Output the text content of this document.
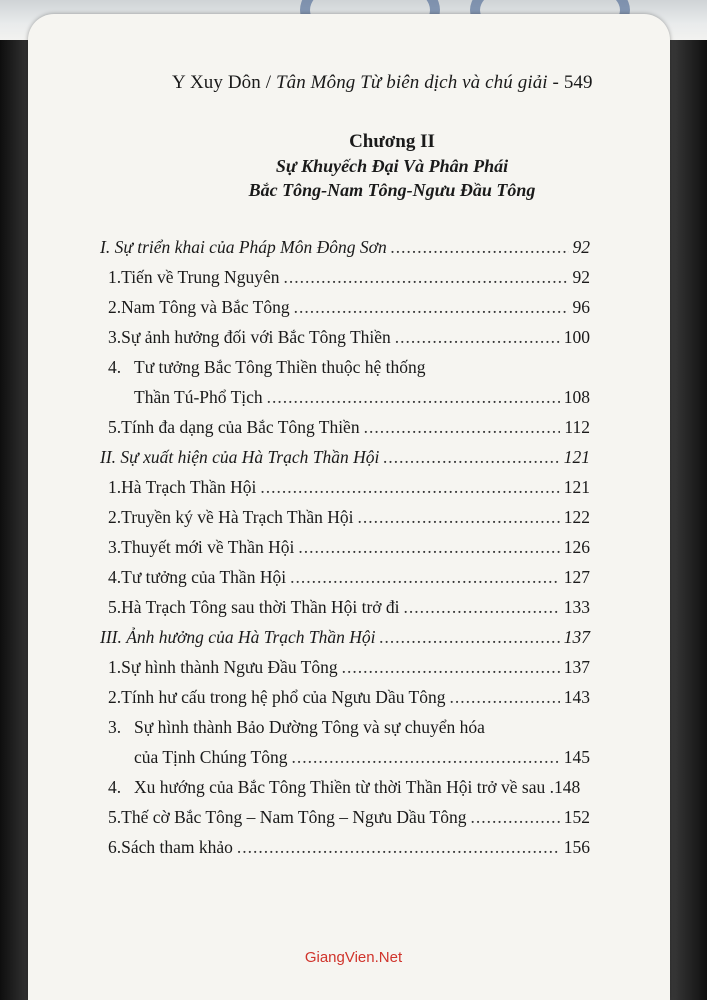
Y Xuy Dôn / Tân Mông Từ biên dịch và chú giải - 549
Chương II
Sự Khuyếch Đại Và Phân Phái
Bắc Tông-Nam Tông-Ngưu Đầu Tông
I. Sự triển khai của Pháp Môn Đông Sơn .....	92
1. Tiến về Trung Nguyên .....	92
2. Nam Tông và Bắc Tông .....	96
3. Sự ảnh hưởng đối với Bắc Tông Thiền .....	100
4. Tư tưởng Bắc Tông Thiền thuộc hệ thống
Thần Tú-Phổ Tịch .....	108
5. Tính đa dạng của Bắc Tông Thiền .....	112
II. Sự xuất hiện của Hà Trạch Thần Hội .....	121
1. Hà Trạch Thần Hội .....	121
2. Truyền ký về Hà Trạch Thần Hội .....	122
3. Thuyết mới về Thần Hội .....	126
4. Tư tưởng của Thần Hội .....	127
5. Hà Trạch Tông sau thời Thần Hội trở đi .....	133
III. Ảnh hưởng của Hà Trạch Thần Hội .....	137
1. Sự hình thành Ngưu Đầu Tông .....	137
2. Tính hư cấu trong hệ phổ của Ngưu Dầu Tông .....	143
3. Sự hình thành Bảo Dường Tông và sự chuyển hóa
của Tịnh Chúng Tông .....	145
4. Xu hướng của Bắc Tông Thiền từ thời Thần Hội trở về sau .148
5. Thế cờ Bắc Tông – Nam Tông – Ngưu Dầu Tông .....	152
6. Sách tham khảo .....	156
GiangVien.Net
